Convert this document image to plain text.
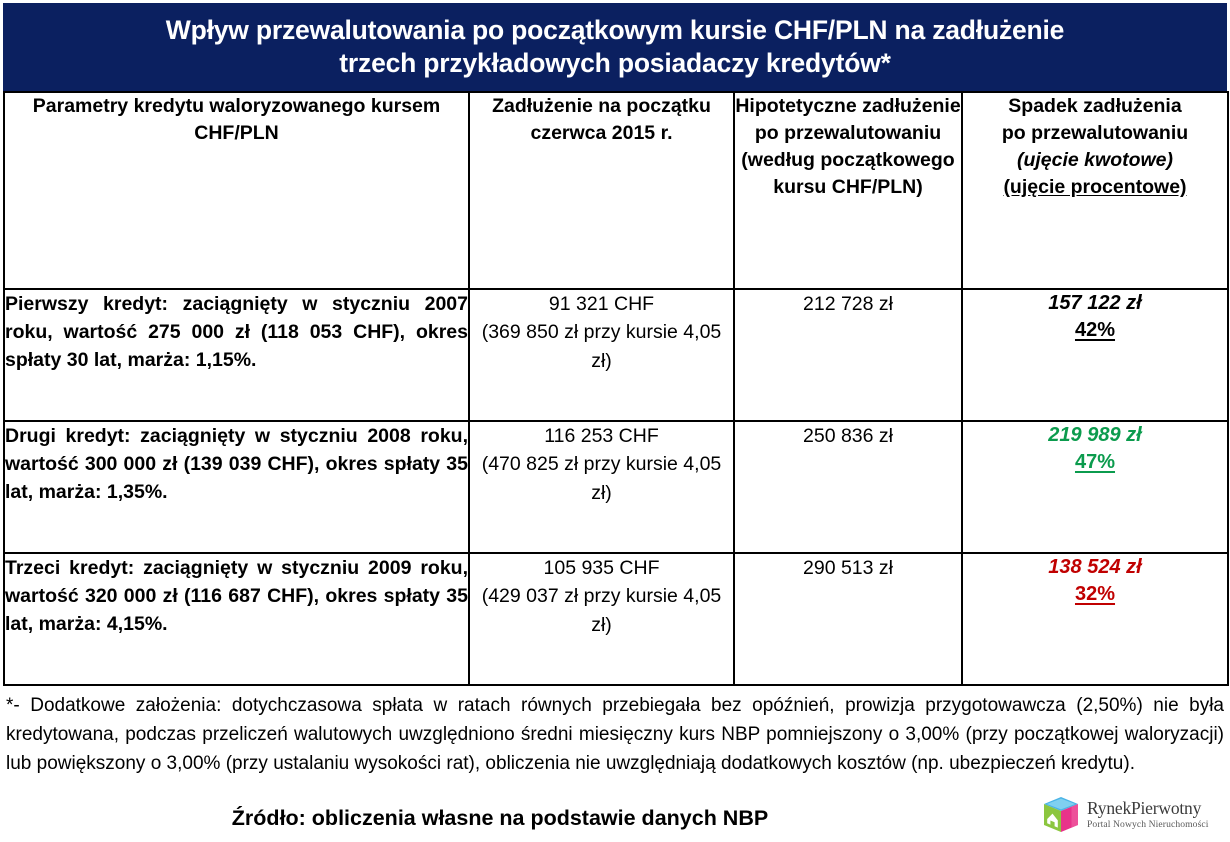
Wpływ przewalutowania po początkowym kursie CHF/PLN na zadłużenie
trzech przykładowych posiadaczy kredytów*
Parametry kredytu waloryzowanego kursem CHF/PLN	Zadłużenie na początku czerwca 2015 r.	Hipotetyczne zadłużenie po przewalutowaniu (według początkowego kursu CHF/PLN)	Spadek zadłużenia
po przewalutowaniu
(ujęcie kwotowe)
(ujęcie procentowe)
Pierwszy kredyt: zaciągnięty w styczniu 2007 roku, wartość 275 000 zł (118 053 CHF), okres spłaty 30 lat, marża: 1,15%.	91 321 CHF
(369 850 zł przy kursie 4,05 zł)	212 728 zł	157 122 zł
42%
Drugi kredyt: zaciągnięty w styczniu 2008 roku, wartość 300 000 zł (139 039 CHF), okres spłaty 35 lat, marża: 1,35%.	116 253 CHF
(470 825 zł przy kursie 4,05 zł)	250 836 zł	219 989 zł
47%
Trzeci kredyt: zaciągnięty w styczniu 2009 roku, wartość 320 000 zł (116 687 CHF), okres spłaty 35 lat, marża: 4,15%.	105 935 CHF
(429 037 zł przy kursie 4,05 zł)	290 513 zł	138 524 zł
32%
*- Dodatkowe założenia: dotychczasowa spłata w ratach równych przebiegała bez opóźnień, prowizja przygotowawcza (2,50%) nie była kredytowana, podczas przeliczeń walutowych uwzględniono średni miesięczny kurs NBP pomniejszony o 3,00% (przy początkowej waloryzacji) lub powiększony o 3,00% (przy ustalaniu wysokości rat), obliczenia nie uwzględniają dodatkowych kosztów (np. ubezpieczeń kredytu).
Źródło: obliczenia własne na podstawie danych NBP	RynekPierwotny
Portal Nowych Nieruchomości
